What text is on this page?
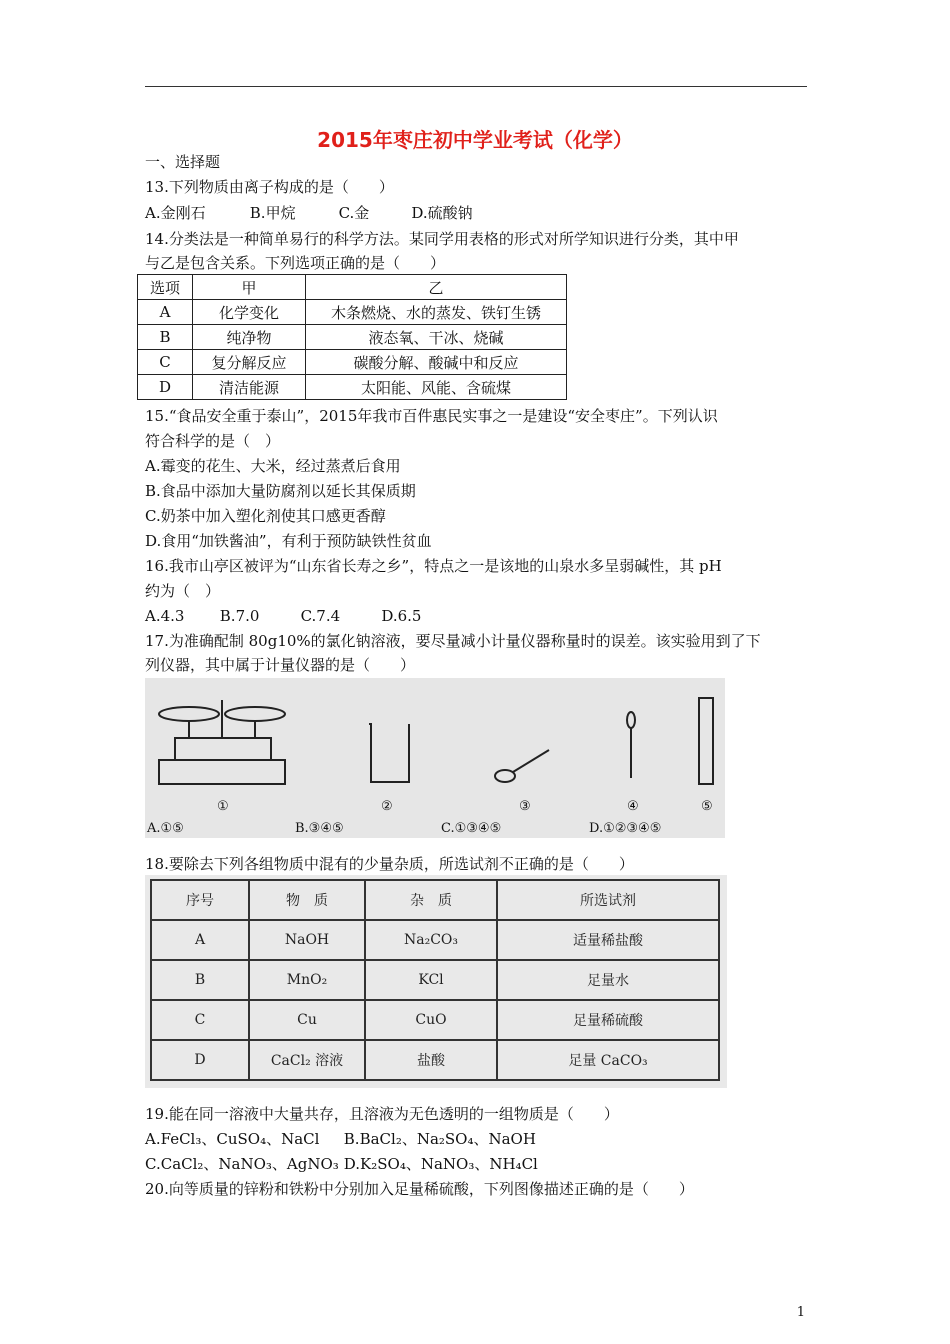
2015年枣庄初中学业考试（化学）
一、选择题
13.下列物质由离子构成的是（　　）
A.金刚石	B.甲烷	C.金	D.硫酸钠
14.分类法是一种简单易行的科学方法。某同学用表格的形式对所学知识进行分类，其中甲
与乙是包含关系。下列选项正确的是（　　）
选项	甲	乙
A	化学变化	木条燃烧、水的蒸发、铁钉生锈
B	纯净物	液态氧、干冰、烧碱
C	复分解反应	碳酸分解、酸碱中和反应
D	清洁能源	太阳能、风能、含硫煤
15.“食品安全重于泰山”，2015年我市百件惠民实事之一是建设“安全枣庄”。下列认识
符合科学的是（　）
A.霉变的花生、大米，经过蒸煮后食用
B.食品中添加大量防腐剂以延长其保质期
C.奶茶中加入塑化剂使其口感更香醇
D.食用“加铁酱油”，有利于预防缺铁性贫血
16.我市山亭区被评为“山东省长寿之乡”，特点之一是该地的山泉水多呈弱碱性，其 pH
约为（　）
A.4.3 B.7.0	C.7.4	D.6.5
17.为准确配制 80g10%的氯化钠溶液，要尽量减小计量仪器称量时的误差。该实验用到了下
列仪器，其中属于计量仪器的是（　　）
①	②	③	④	⑤
A.①⑤	B.③④⑤	C.①③④⑤	D.①②③④⑤
18.要除去下列各组物质中混有的少量杂质，所选试剂不正确的是（　　）
序号	物　质	杂　质	所选试剂
A	NaOH	Na₂CO₃	适量稀盐酸
B	MnO₂	KCl	足量水
C	Cu	CuO	足量稀硫酸
D	CaCl₂ 溶液	盐酸	足量 CaCO₃
19.能在同一溶液中大量共存，且溶液为无色透明的一组物质是（　　）
A.FeCl₃、CuSO₄、NaCl B.BaCl₂、Na₂SO₄、NaOH
C.CaCl₂、NaNO₃、AgNO₃ D.K₂SO₄、NaNO₃、NH₄Cl
20.向等质量的锌粉和铁粉中分别加入足量稀硫酸，下列图像描述正确的是（　　）
1
